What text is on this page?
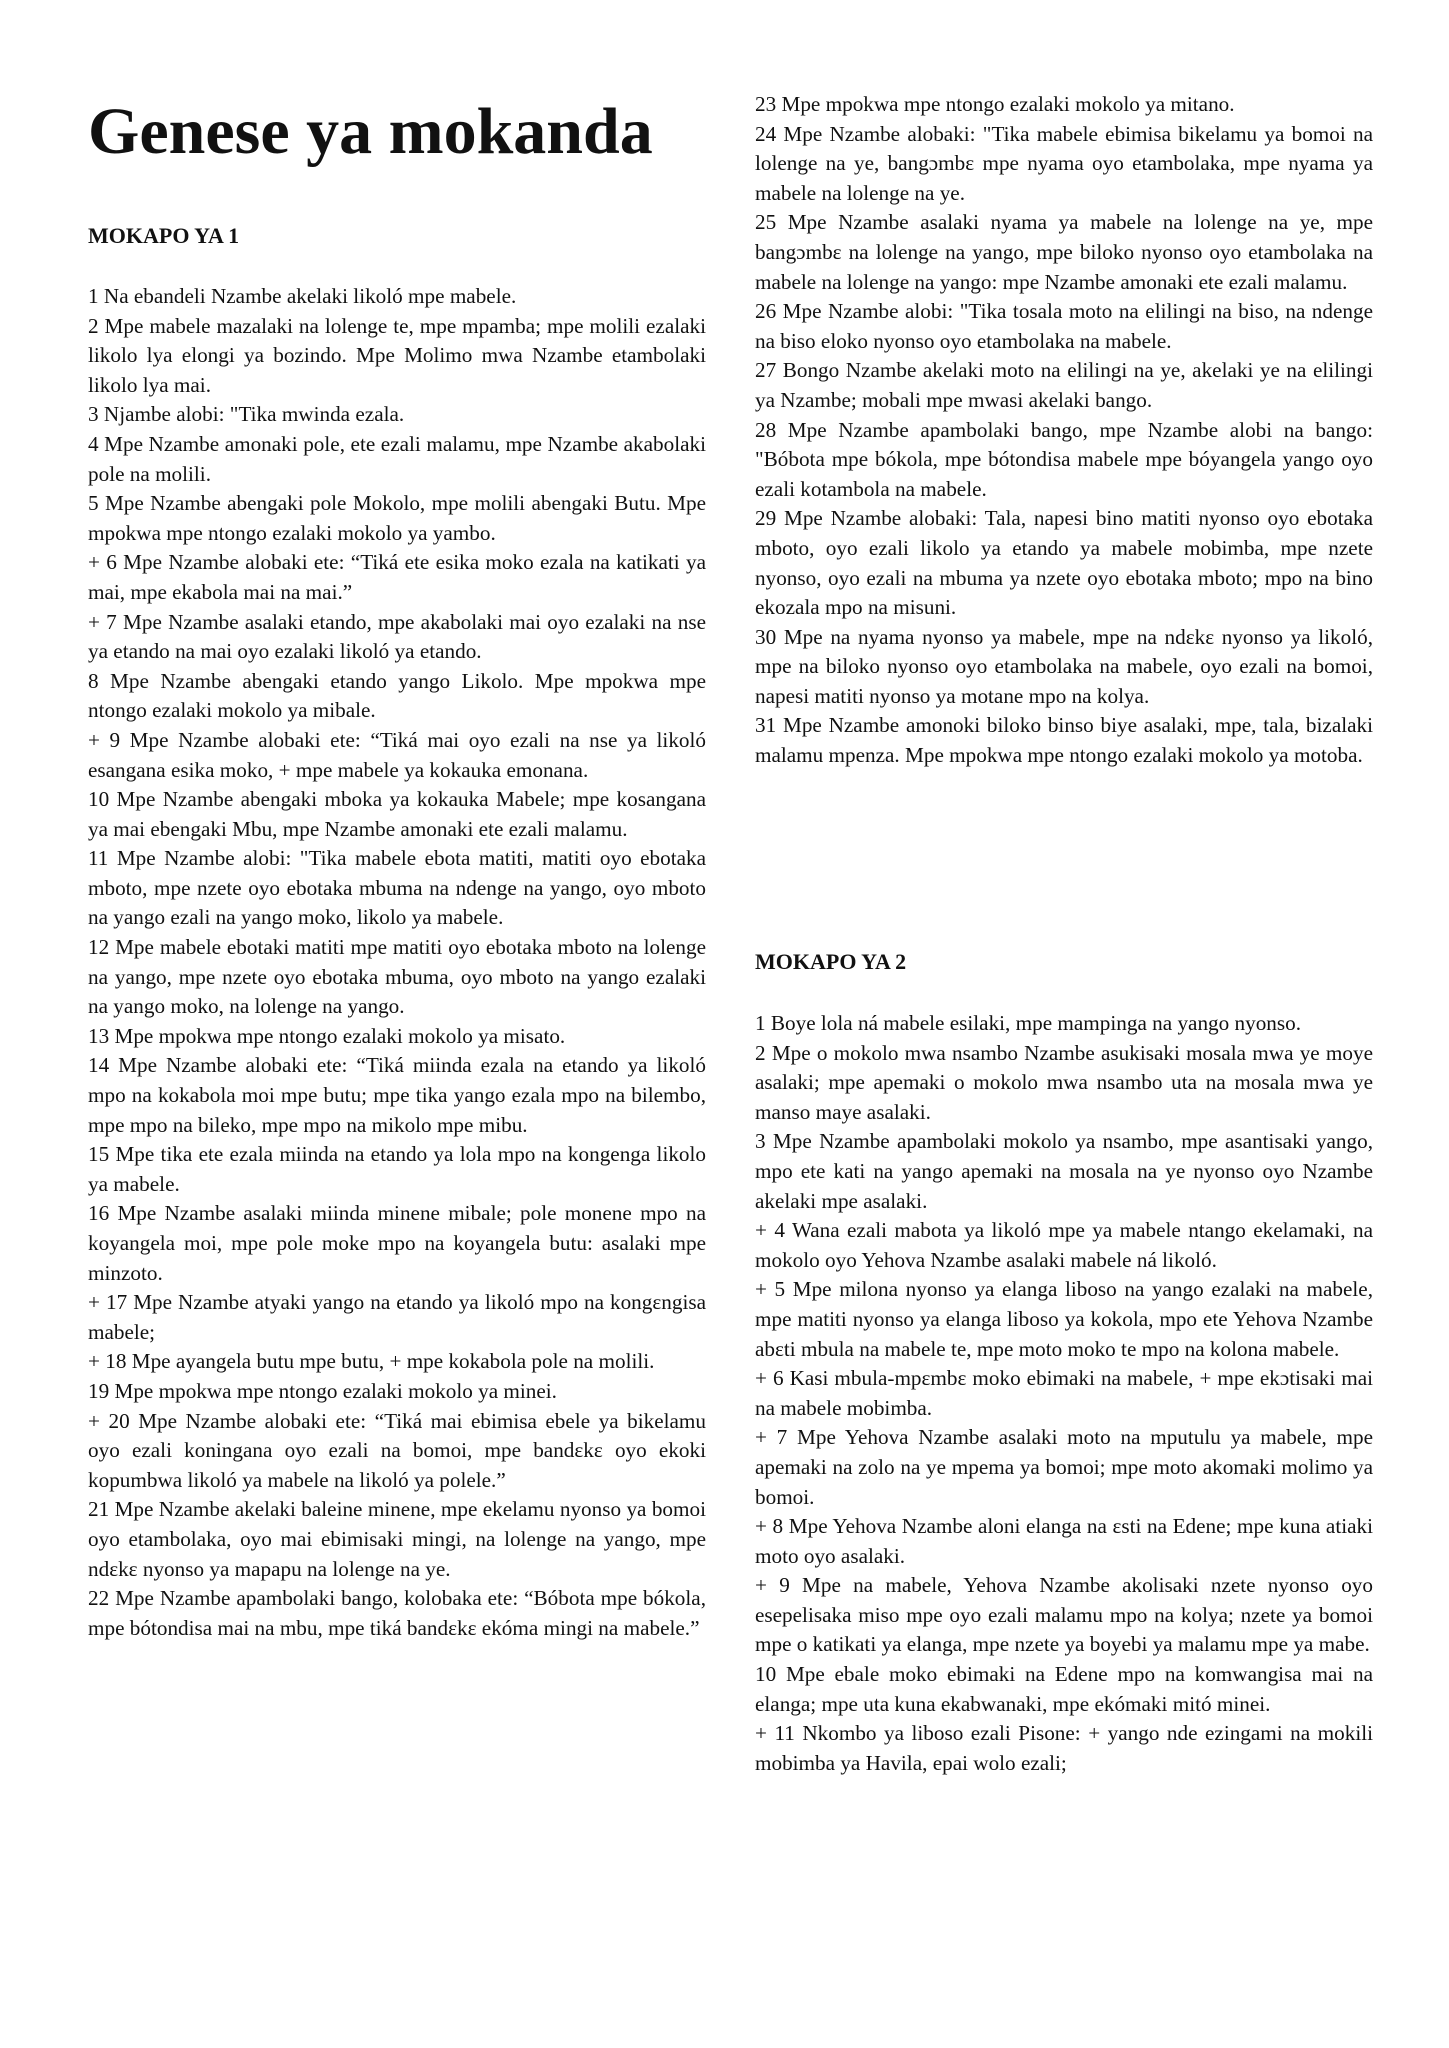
Genese ya mokanda
MOKAPO YA 1

1 Na ebandeli Nzambe akelaki likoló mpe mabele.

2 Mpe mabele mazalaki na lolenge te, mpe mpamba; mpe molili ezalaki likolo lya elongi ya bozindo. Mpe Molimo mwa Nzambe etambolaki likolo lya mai.

3 Njambe alobi: "Tika mwinda ezala.

4 Mpe Nzambe amonaki pole, ete ezali malamu, mpe Nzambe akabolaki pole na molili.

5 Mpe Nzambe abengaki pole Mokolo, mpe molili abengaki Butu. Mpe mpokwa mpe ntongo ezalaki mokolo ya yambo.

+ 6 Mpe Nzambe alobaki ete: “Tiká ete esika moko ezala na katikati ya mai, mpe ekabola mai na mai.”

+ 7 Mpe Nzambe asalaki etando, mpe akabolaki mai oyo ezalaki na nse ya etando na mai oyo ezalaki likoló ya etando.

8 Mpe Nzambe abengaki etando yango Likolo. Mpe mpokwa mpe ntongo ezalaki mokolo ya mibale.

+ 9 Mpe Nzambe alobaki ete: “Tiká mai oyo ezali na nse ya likoló esangana esika moko, + mpe mabele ya kokauka emonana.

10 Mpe Nzambe abengaki mboka ya kokauka Mabele; mpe kosangana ya mai ebengaki Mbu, mpe Nzambe amonaki ete ezali malamu.

11 Mpe Nzambe alobi: "Tika mabele ebota matiti, matiti oyo ebotaka mboto, mpe nzete oyo ebotaka mbuma na ndenge na yango, oyo mboto na yango ezali na yango moko, likolo ya mabele.

12 Mpe mabele ebotaki matiti mpe matiti oyo ebotaka mboto na lolenge na yango, mpe nzete oyo ebotaka mbuma, oyo mboto na yango ezalaki na yango moko, na lolenge na yango.

13 Mpe mpokwa mpe ntongo ezalaki mokolo ya misato.

14 Mpe Nzambe alobaki ete: “Tiká miinda ezala na etando ya likoló mpo na kokabola moi mpe butu; mpe tika yango ezala mpo na bilembo, mpe mpo na bileko, mpe mpo na mikolo mpe mibu.

15 Mpe tika ete ezala miinda na etando ya lola mpo na kongenga likolo ya mabele.

16 Mpe Nzambe asalaki miinda minene mibale; pole monene mpo na koyangela moi, mpe pole moke mpo na koyangela butu: asalaki mpe minzoto.

+ 17 Mpe Nzambe atyaki yango na etando ya likoló mpo na kongɛngisa mabele;

+ 18 Mpe ayangela butu mpe butu, + mpe kokabola pole na molili.

19 Mpe mpokwa mpe ntongo ezalaki mokolo ya minei.

+ 20 Mpe Nzambe alobaki ete: “Tiká mai ebimisa ebele ya bikelamu oyo ezali koningana oyo ezali na bomoi, mpe bandɛkɛ oyo ekoki kopumbwa likoló ya mabele na likoló ya polele.”

21 Mpe Nzambe akelaki baleine minene, mpe ekelamu nyonso ya bomoi oyo etambolaka, oyo mai ebimisaki mingi, na lolenge na yango, mpe ndɛkɛ nyonso ya mapapu na lolenge na ye.

22 Mpe Nzambe apambolaki bango, kolobaka ete: “Bóbota mpe bókola, mpe bótondisa mai na mbu, mpe tiká bandɛkɛ ekóma mingi na mabele.”

23 Mpe mpokwa mpe ntongo ezalaki mokolo ya mitano.

24 Mpe Nzambe alobaki: "Tika mabele ebimisa bikelamu ya bomoi na lolenge na ye, bangɔmbɛ mpe nyama oyo etambolaka, mpe nyama ya mabele na lolenge na ye.

25 Mpe Nzambe asalaki nyama ya mabele na lolenge na ye, mpe bangɔmbɛ na lolenge na yango, mpe biloko nyonso oyo etambolaka na mabele na lolenge na yango: mpe Nzambe amonaki ete ezali malamu.

26 Mpe Nzambe alobi: "Tika tosala moto na elilingi na biso, na ndenge na biso eloko nyonso oyo etambolaka na mabele.

27 Bongo Nzambe akelaki moto na elilingi na ye, akelaki ye na elilingi ya Nzambe; mobali mpe mwasi akelaki bango.

28 Mpe Nzambe apambolaki bango, mpe Nzambe alobi na bango: "Bóbota mpe bókola, mpe bótondisa mabele mpe bóyangela yango oyo ezali kotambola na mabele.

29 Mpe Nzambe alobaki: Tala, napesi bino matiti nyonso oyo ebotaka mboto, oyo ezali likolo ya etando ya mabele mobimba, mpe nzete nyonso, oyo ezali na mbuma ya nzete oyo ebotaka mboto; mpo na bino ekozala mpo na misuni.

30 Mpe na nyama nyonso ya mabele, mpe na ndɛkɛ nyonso ya likoló, mpe na biloko nyonso oyo etambolaka na mabele, oyo ezali na bomoi, napesi matiti nyonso ya motane mpo na kolya.

31 Mpe Nzambe amonoki biloko binso biye asalaki, mpe, tala, bizalaki malamu mpenza. Mpe mpokwa mpe ntongo ezalaki mokolo ya motoba.

MOKAPO YA 2

1 Boye lola ná mabele esilaki, mpe mampinga na yango nyonso.

2 Mpe o mokolo mwa nsambo Nzambe asukisaki mosala mwa ye moye asalaki; mpe apemaki o mokolo mwa nsambo uta na mosala mwa ye manso maye asalaki.

3 Mpe Nzambe apambolaki mokolo ya nsambo, mpe asantisaki yango, mpo ete kati na yango apemaki na mosala na ye nyonso oyo Nzambe akelaki mpe asalaki.

+ 4 Wana ezali mabota ya likoló mpe ya mabele ntango ekelamaki, na mokolo oyo Yehova Nzambe asalaki mabele ná likoló.

+ 5 Mpe milona nyonso ya elanga liboso na yango ezalaki na mabele, mpe matiti nyonso ya elanga liboso ya kokola, mpo ete Yehova Nzambe abɛti mbula na mabele te, mpe moto moko te mpo na kolona mabele.

+ 6 Kasi mbula-mpɛmbɛ moko ebimaki na mabele, + mpe ekɔtisaki mai na mabele mobimba.

+ 7 Mpe Yehova Nzambe asalaki moto na mputulu ya mabele, mpe apemaki na zolo na ye mpema ya bomoi; mpe moto akomaki molimo ya bomoi.

+ 8 Mpe Yehova Nzambe aloni elanga na ɛsti na Edene; mpe kuna atiaki moto oyo asalaki.

+ 9 Mpe na mabele, Yehova Nzambe akolisaki nzete nyonso oyo esepelisaka miso mpe oyo ezali malamu mpo na kolya; nzete ya bomoi mpe o katikati ya elanga, mpe nzete ya boyebi ya malamu mpe ya mabe.

10 Mpe ebale moko ebimaki na Edene mpo na komwangisa mai na elanga; mpe uta kuna ekabwanaki, mpe ekómaki mitó minei.

+ 11 Nkombo ya liboso ezali Pisone: + yango nde ezingami na mokili mobimba ya Havila, epai wolo ezali;
